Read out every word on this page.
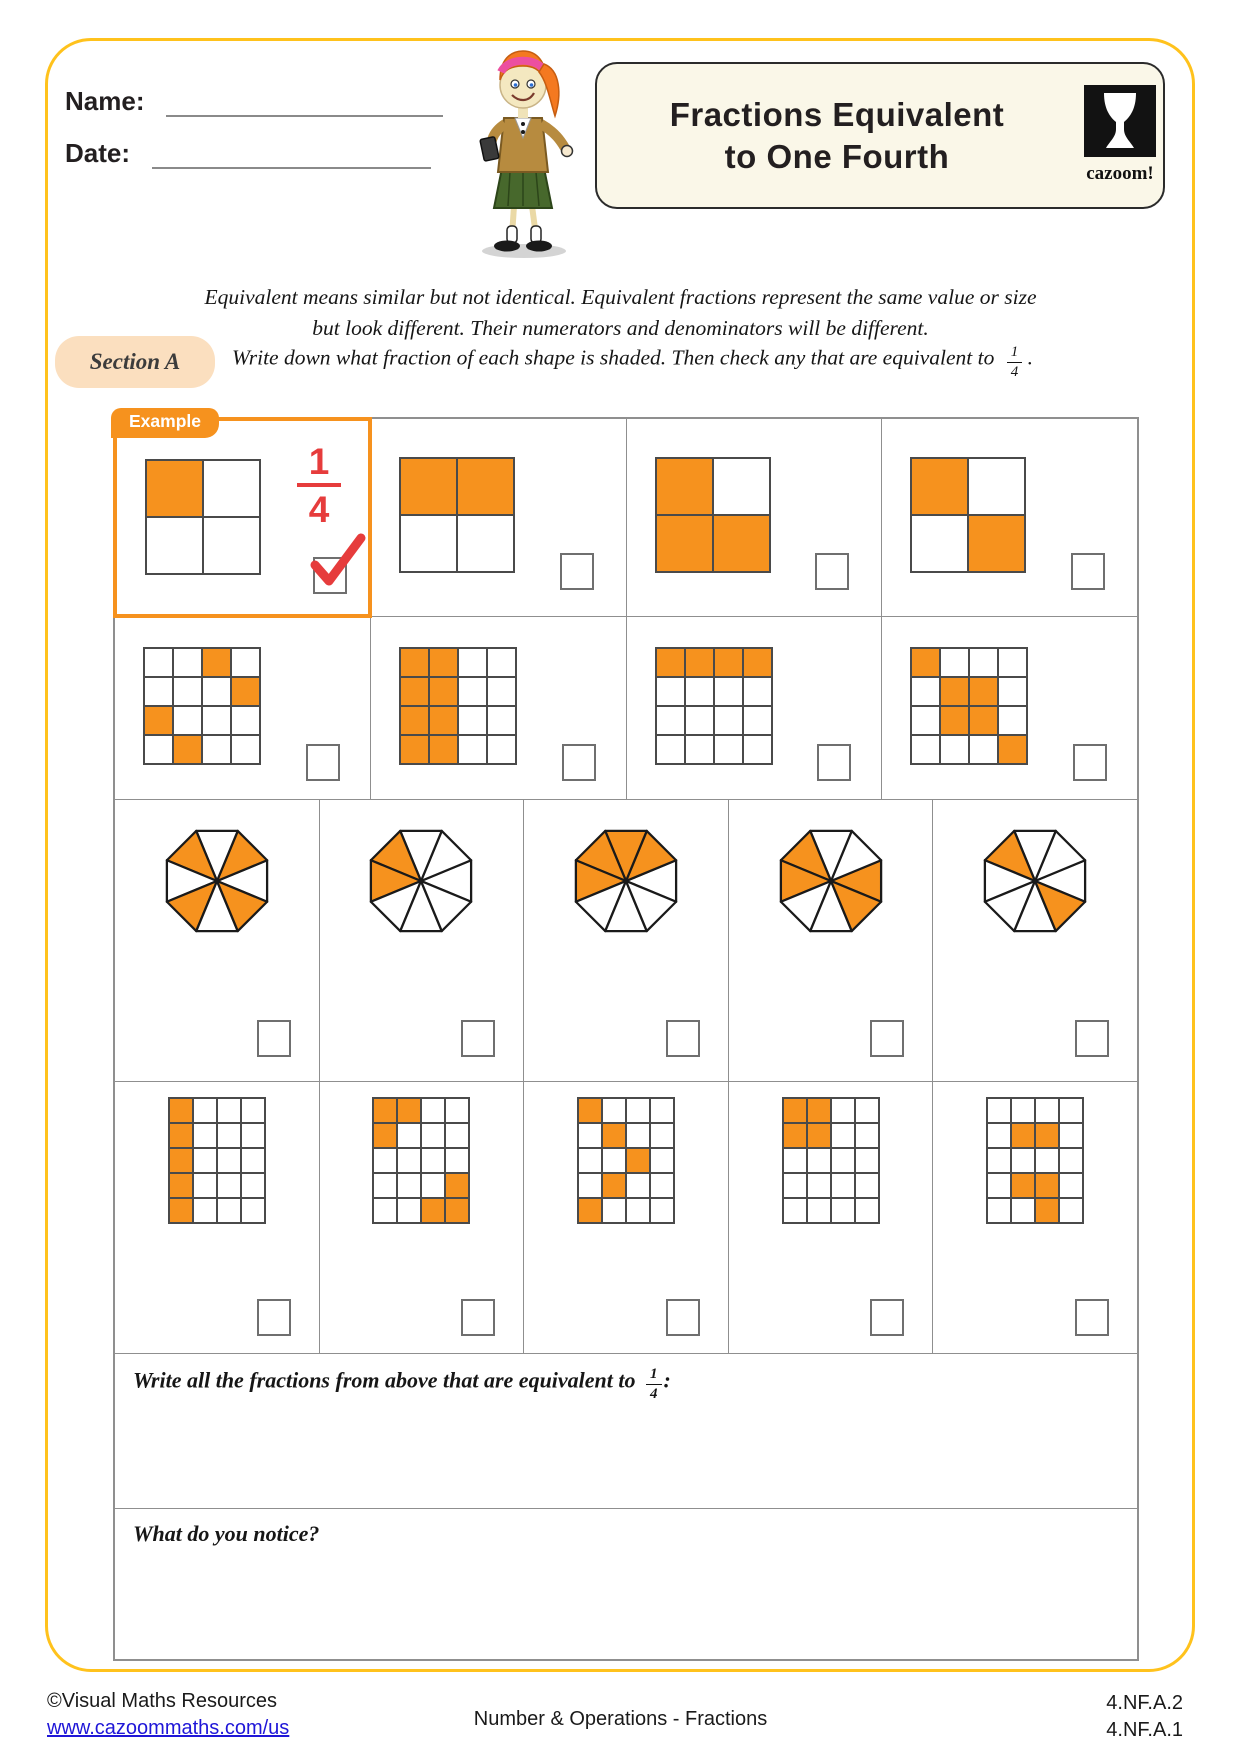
Name:
Date:
Fractions Equivalent
to One Fourth	cazoom!
Equivalent means similar but not identical. Equivalent fractions represent the same value or size
but look different. Their numerators and denominators will be different.
Section A	Write down what fraction of each shape is shaded. Then check any that are equivalent to $\frac{1}{4}$ .
Example
1
4
Write all the fractions from above that are equivalent to $\frac{1}{4}$ :
What do you notice?
©Visual Maths Resources
www.cazoommaths.com/us	Number & Operations - Fractions
4.NF.A.2
4.NF.A.1
